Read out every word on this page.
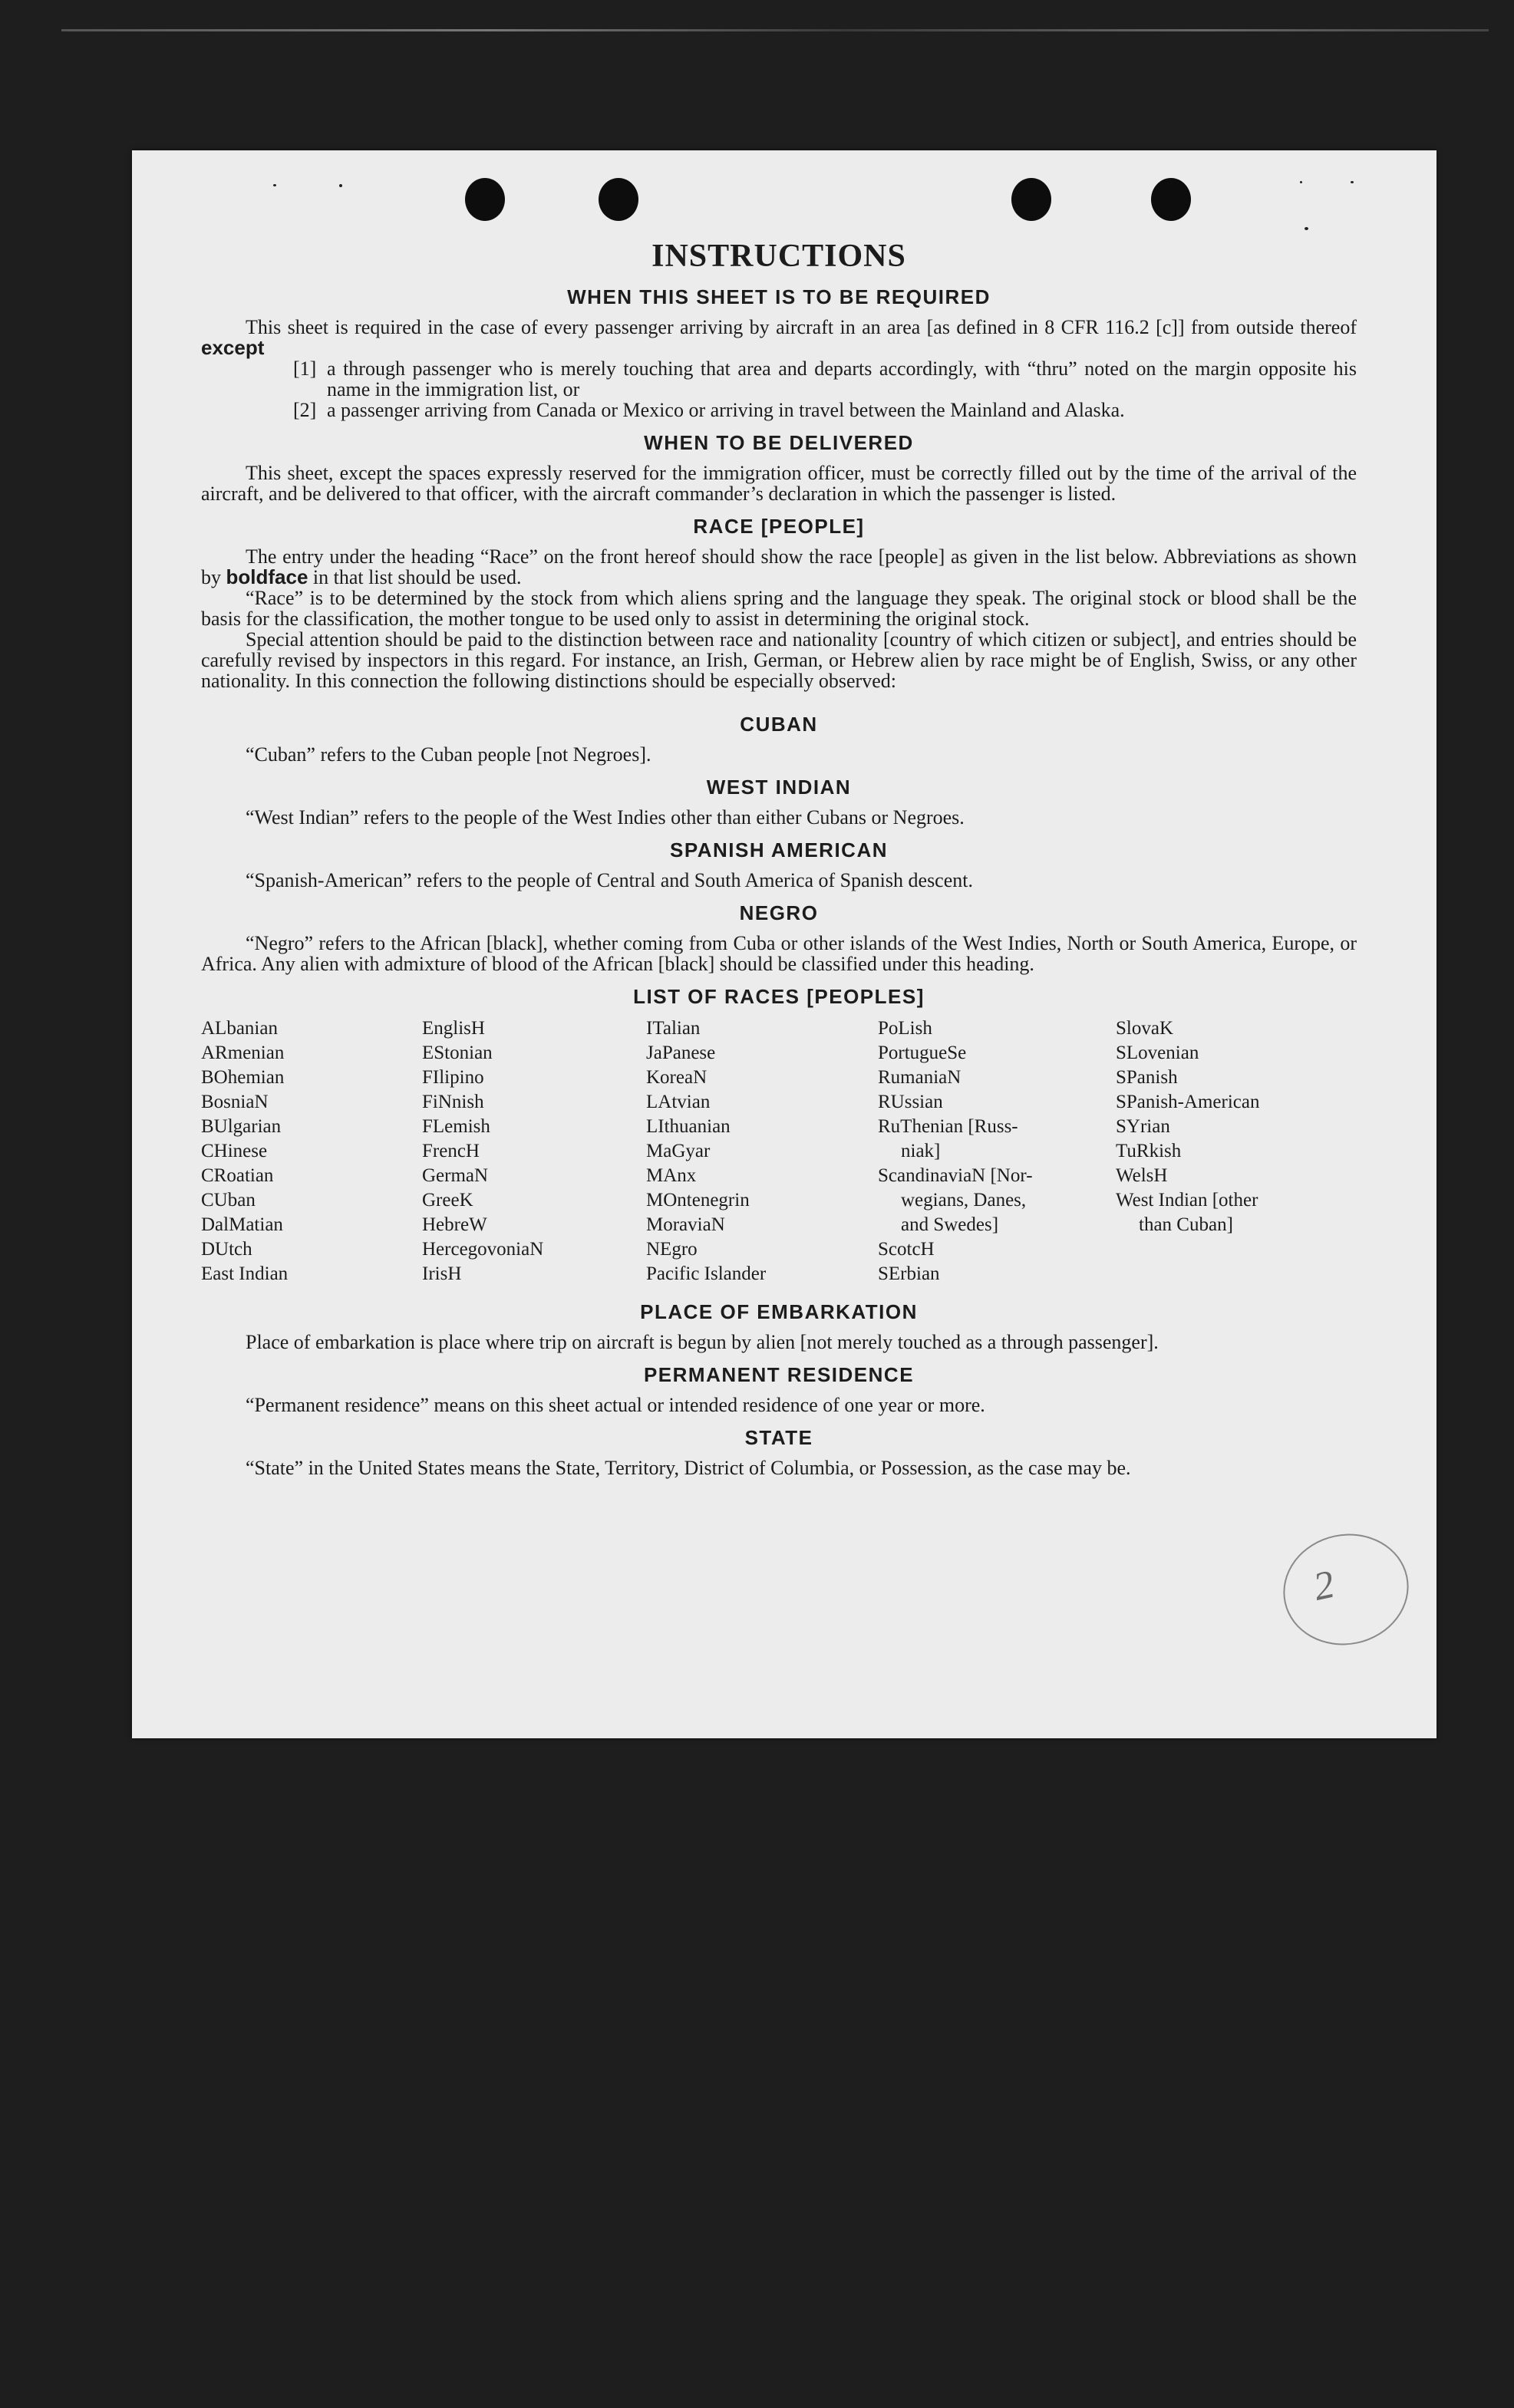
INSTRUCTIONS
WHEN THIS SHEET IS TO BE REQUIRED

This sheet is required in the case of every passenger arriving by aircraft in an area [as defined in 8 CFR 116.2 [c]] from outside thereof except

[1] a through passenger who is merely touching that area and departs accordingly, with “thru” noted on the margin opposite his name in the immigration list, or
[2] a passenger arriving from Canada or Mexico or arriving in travel between the Mainland and Alaska.
WHEN TO BE DELIVERED

This sheet, except the spaces expressly reserved for the immigration officer, must be correctly filled out by the time of the arrival of the aircraft, and be delivered to that officer, with the aircraft commander’s declaration in which the passenger is listed.

RACE [PEOPLE]

The entry under the heading “Race” on the front hereof should show the race [people] as given in the list below. Abbreviations as shown by boldface in that list should be used.

“Race” is to be determined by the stock from which aliens spring and the language they speak. The original stock or blood shall be the basis for the classification, the mother tongue to be used only to assist in determining the original stock.

Special attention should be paid to the distinction between race and nationality [country of which citizen or subject], and entries should be carefully revised by inspectors in this regard. For instance, an Irish, German, or Hebrew alien by race might be of English, Swiss, or any other nationality. In this connection the following distinctions should be especially observed:

CUBAN

“Cuban” refers to the Cuban people [not Negroes].

WEST INDIAN

“West Indian” refers to the people of the West Indies other than either Cubans or Negroes.

SPANISH AMERICAN

“Spanish-American” refers to the people of Central and South America of Spanish descent.

NEGRO

“Negro” refers to the African [black], whether coming from Cuba or other islands of the West Indies, North or South America, Europe, or Africa. Any alien with admixture of blood of the African [black] should be classified under this heading.

LIST OF RACES [PEOPLES]
ALbanian
ARmenian
BOhemian
BosniaN
BUlgarian
CHinese
CRoatian
CUban
DalMatian
DUtch
East Indian
EnglisH
EStonian
FIlipino
FiNnish
FLemish
FrencH
GermaN
GreeK
HebreW
HercegovoniaN
IrisH
ITalian
JaPanese
KoreaN
LAtvian
LIthuanian
MaGyar
MAnx
MOntenegrin
MoraviaN
NEgro
Pacific Islander
PoLish
PortugueSe
RumaniaN
RUssian
RuThenian [Russ-
niak]
ScandinaviaN [Nor-
wegians, Danes,
and Swedes]
ScotcH
SErbian
SlovaK
SLovenian
SPanish
SPanish-American
SYrian
TuRkish
WelsH
West Indian [other
than Cuban]
PLACE OF EMBARKATION

Place of embarkation is place where trip on aircraft is begun by alien [not merely touched as a through passenger].

PERMANENT RESIDENCE

“Permanent residence” means on this sheet actual or intended residence of one year or more.

STATE

“State” in the United States means the State, Territory, District of Columbia, or Possession, as the case may be.

2
